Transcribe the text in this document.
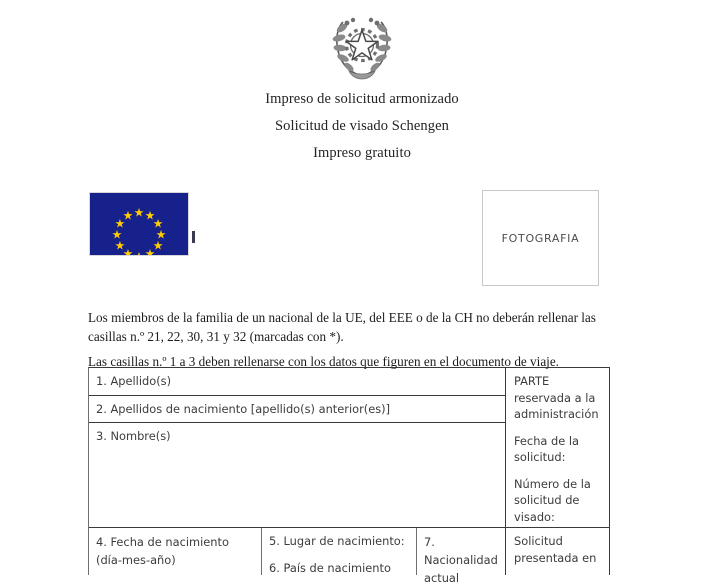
Impreso de solicitud armonizado
Solicitud de visado Schengen
Impreso gratuito
FOTOGRAFIA

Los miembros de la familia de un nacional de la UE, del EEE o de la CH no deberán rellenar las casillas n.º 21, 22, 30, 31 y 32 (marcadas con *).

Las casillas n.º 1 a 3 deben rellenarse con los datos que figuren en el documento de viaje.

1. Apellido(s)
2. Apellidos de nacimiento [apellido(s) anterior(es)]
3. Nombre(s)
4. Fecha de nacimiento (día-mes-año)
5. Lugar de nacimiento:
6. País de nacimiento
7. Nacionalidad actual
PARTE reservada a la administración
Fecha de la solicitud:
Número de la solicitud de visado:
Solicitud presentada en
